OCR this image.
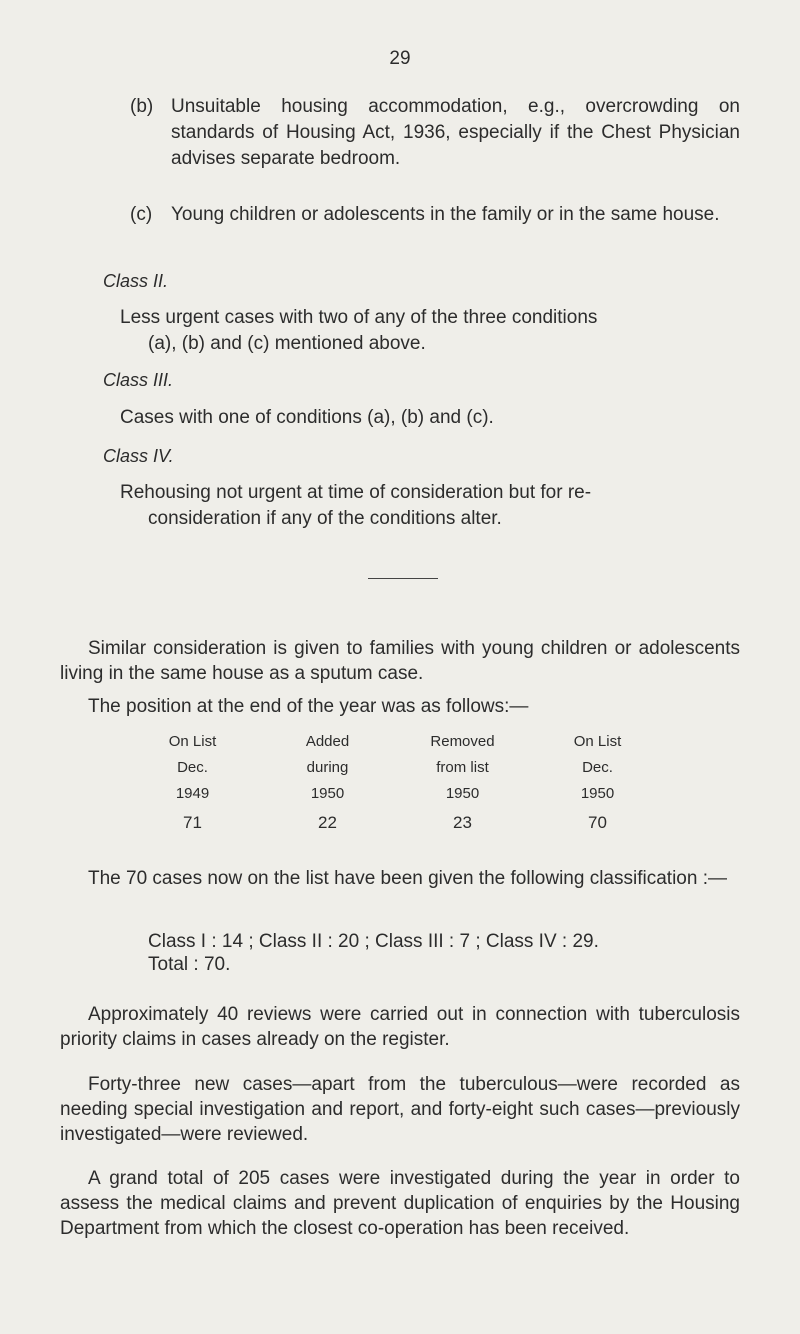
29
(b) Unsuitable housing accommodation, e.g., overcrowding on standards of Housing Act, 1936, especially if the Chest Physician advises separate bedroom.
(c) Young children or adolescents in the family or in the same house.
Class II.
Less urgent cases with two of any of the three conditions
(a), (b) and (c) mentioned above.
Class III.
Cases with one of conditions (a), (b) and (c).
Class IV.
Rehousing not urgent at time of consideration but for re-
consideration if any of the conditions alter.
Similar consideration is given to families with young children or adolescents living in the same house as a sputum case.
The position at the end of the year was as follows:—
On List	Added	Removed	On List
Dec.	during	from list	Dec.
1949	1950	1950	1950
71	22	23	70
The 70 cases now on the list have been given the following classification :—
Class I : 14 ; Class II : 20 ; Class III : 7 ; Class IV : 29.
Total : 70.
Approximately 40 reviews were carried out in connection with tuberculosis priority claims in cases already on the register.
Forty-three new cases—apart from the tuberculous—were recorded as needing special investigation and report, and forty-eight such cases—previously investigated—were reviewed.
A grand total of 205 cases were investigated during the year in order to assess the medical claims and prevent duplication of enquiries by the Housing Department from which the closest co-operation has been received.
